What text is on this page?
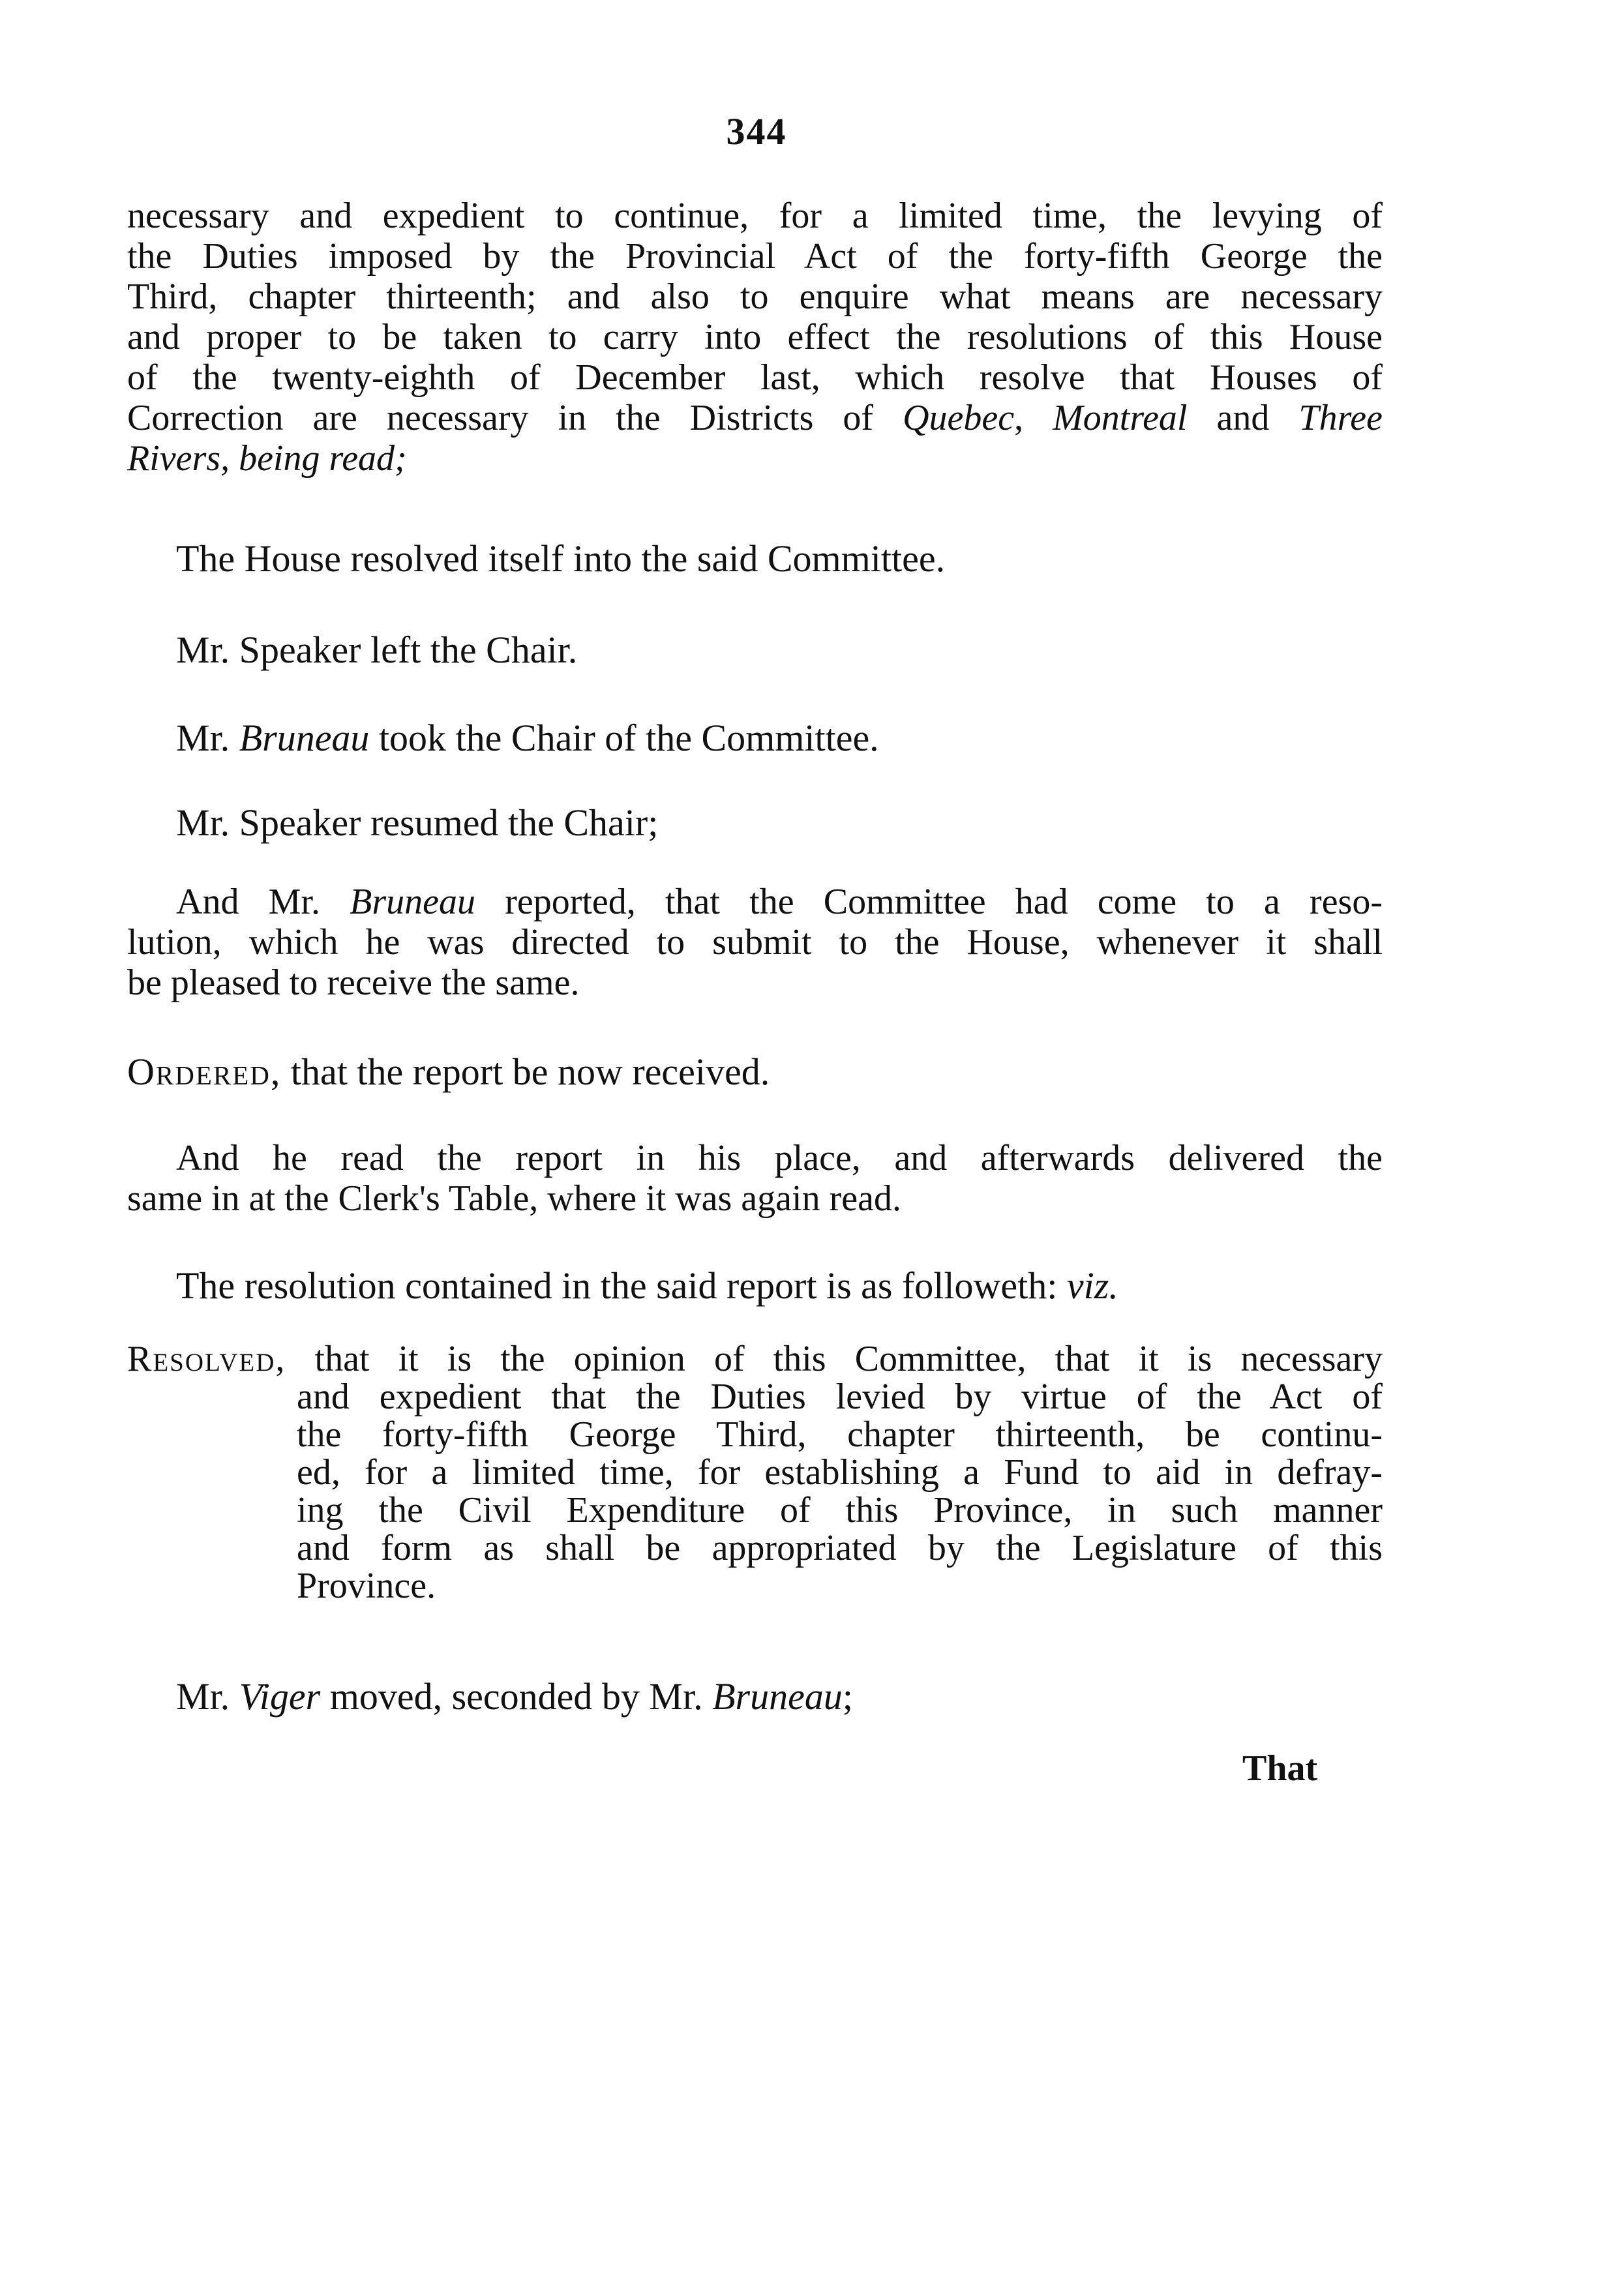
344
necessary and expedient to continue, for a limited time, the levying of
the Duties imposed by the Provincial Act of the forty-fifth George the
Third, chapter thirteenth; and also to enquire what means are necessary
and proper to be taken to carry into effect the resolutions of this House
of the twenty-eighth of December last, which resolve that Houses of
Correction are necessary in the Districts of Quebec, Montreal and Three
Rivers, being read;
The House resolved itself into the said Committee.
Mr. Speaker left the Chair.
Mr. Bruneau took the Chair of the Committee.
Mr. Speaker resumed the Chair;
And Mr. Bruneau reported, that the Committee had come to a reso-
lution, which he was directed to submit to the House, whenever it shall
be pleased to receive the same.
Ordered, that the report be now received.
And he read the report in his place, and afterwards delivered the
same in at the Clerk's Table, where it was again read.
The resolution contained in the said report is as followeth: viz.
Resolved, that it is the opinion of this Committee, that it is necessary
and expedient that the Duties levied by virtue of the Act of
the forty-fifth George Third, chapter thirteenth, be continu-
ed, for a limited time, for establishing a Fund to aid in defray-
ing the Civil Expenditure of this Province, in such manner
and form as shall be appropriated by the Legislature of this
Province.
Mr. Viger moved, seconded by Mr. Bruneau;
That
